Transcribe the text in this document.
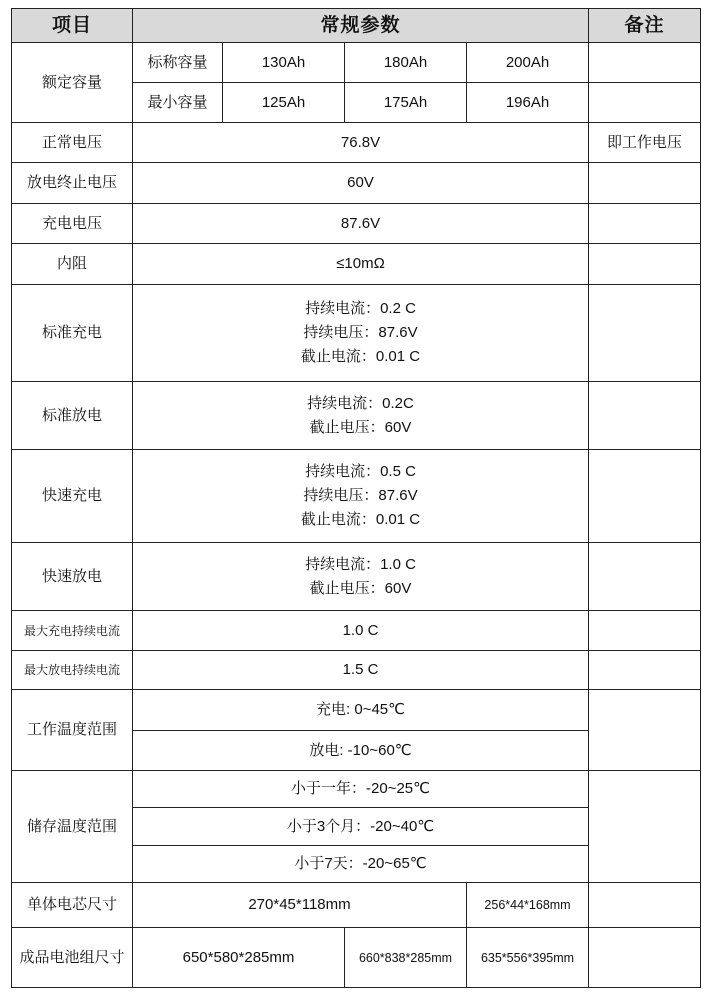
项目	常规参数				备注
额定容量	标称容量	130Ah	180Ah	200Ah	
	最小容量	125Ah	175Ah	196Ah	
正常电压	76.8V				即工作电压
放电终止电压	60V				
充电电压	87.6V				
内阻	≤10mΩ				
标准充电	持续电流：0.2 C
持续电压：87.6V
截止电流：0.01 C				

标准放电	持续电流：0.2C
截止电压：60V				

快速充电	持续电流：0.5 C
持续电压：87.6V
截止电流：0.01 C				

快速放电	持续电流：1.0 C
截止电压：60V				

最大充电持续电流	1.0 C				
最大放电持续电流	1.5 C				
工作温度范围	充电: 0~45℃				
	放电: -10~60℃				
储存温度范围	小于一年：-20~25℃				
	小于3个月：-20~40℃				
	小于7天：-20~65℃				
单体电芯尺寸	270*45*118mm			256*44*168mm	
成品电池组尺寸	650*580*285mm		660*838*285mm	635*556*395mm	
